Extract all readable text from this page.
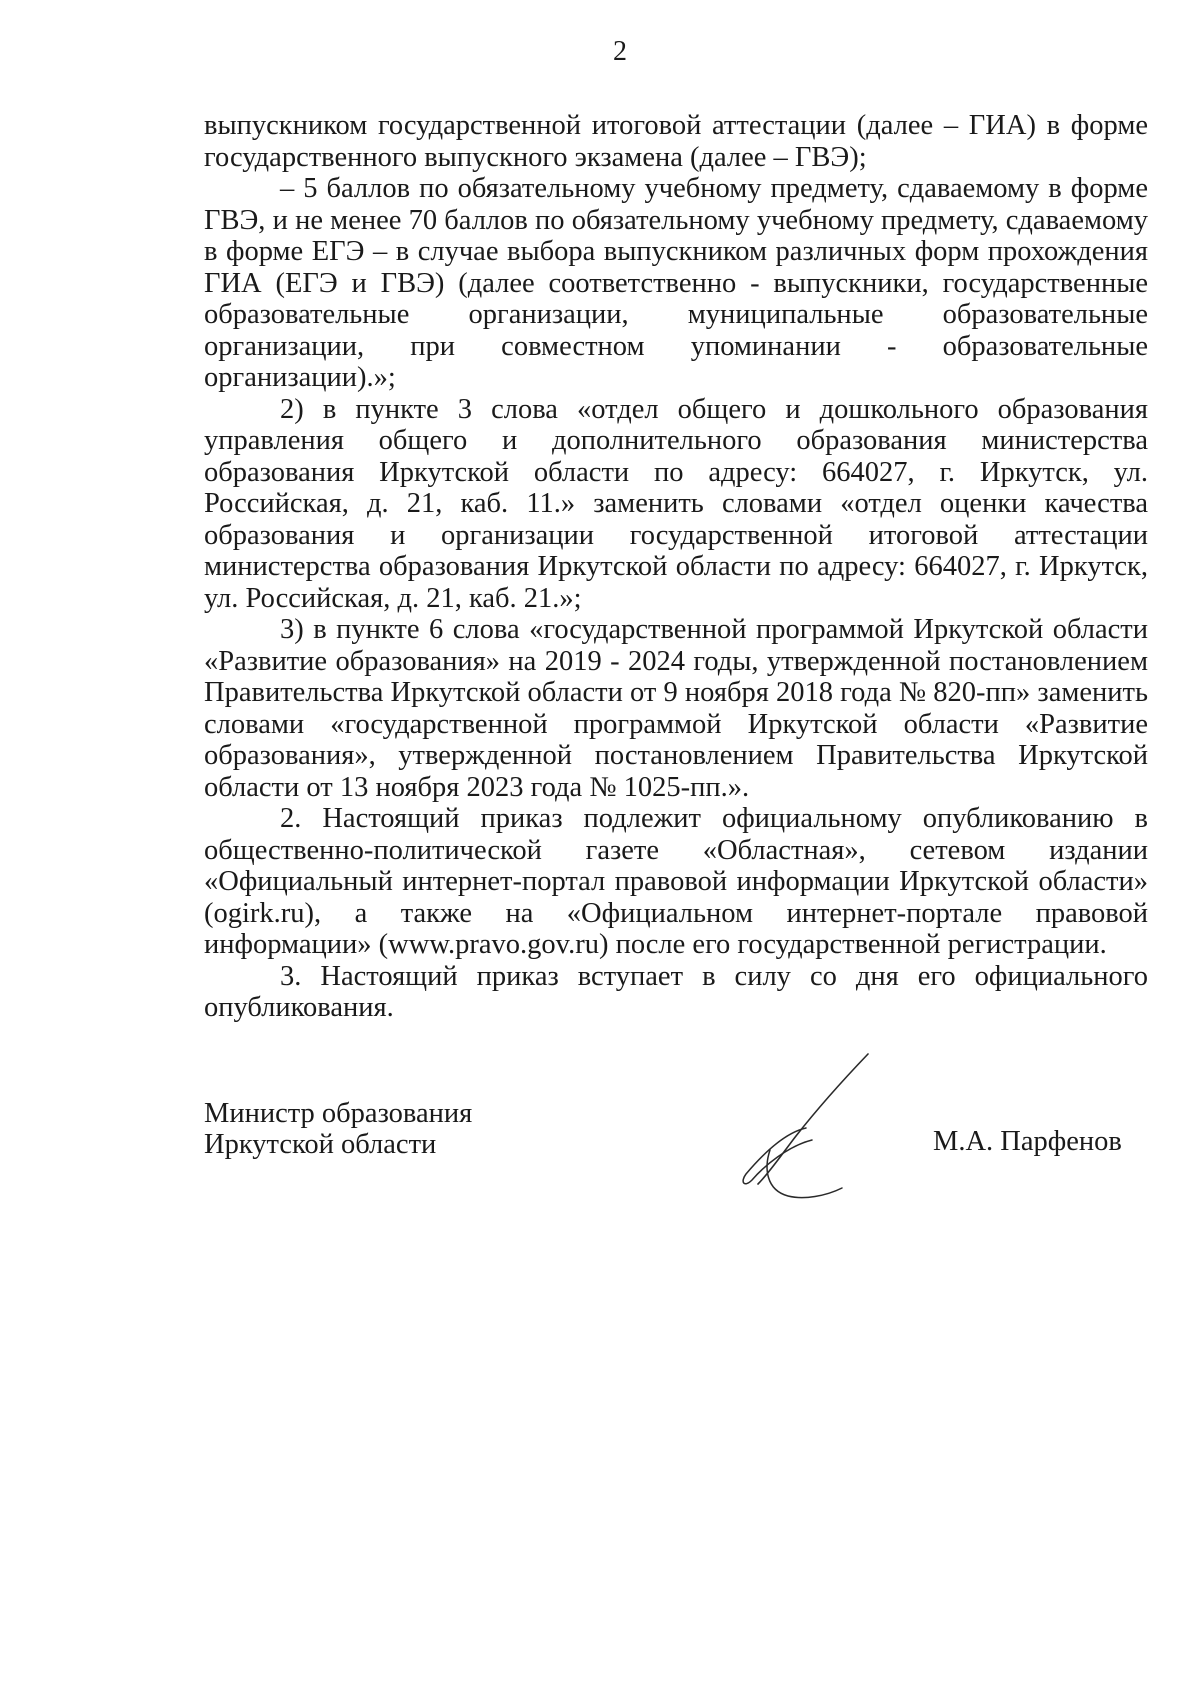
2

выпускником государственной итоговой аттестации (далее – ГИА) в форме государственного выпускного экзамена (далее – ГВЭ);

– 5 баллов по обязательному учебному предмету, сдаваемому в форме ГВЭ, и не менее 70 баллов по обязательному учебному предмету, сдаваемому в форме ЕГЭ – в случае выбора выпускником различных форм прохождения ГИА (ЕГЭ и ГВЭ) (далее соответственно - выпускники, государственные образовательные организации, муниципальные образовательные организации, при совместном упоминании - образовательные организации).»;

2) в пункте 3 слова «отдел общего и дошкольного образования управления общего и дополнительного образования министерства образования Иркутской области по адресу: 664027, г. Иркутск, ул. Российская, д. 21, каб. 11.» заменить словами «отдел оценки качества образования и организации государственной итоговой аттестации министерства образования Иркутской области по адресу: 664027, г. Иркутск, ул. Российская, д. 21, каб. 21.»;

3) в пункте 6 слова «государственной программой Иркутской области «Развитие образования» на 2019 - 2024 годы, утвержденной постановлением Правительства Иркутской области от 9 ноября 2018 года № 820-пп» заменить словами «государственной программой Иркутской области «Развитие образования», утвержденной постановлением Правительства Иркутской области от 13 ноября 2023 года № 1025-пп.».

2. Настоящий приказ подлежит официальному опубликованию в общественно-политической газете «Областная», сетевом издании «Официальный интернет-портал правовой информации Иркутской области» (ogirk.ru), а также на «Официальном интернет-портале правовой информации» (www.pravo.gov.ru) после его государственной регистрации.

3. Настоящий приказ вступает в силу со дня его официального опубликования.

Министр образования
Иркутской области	М.А. Парфенов
